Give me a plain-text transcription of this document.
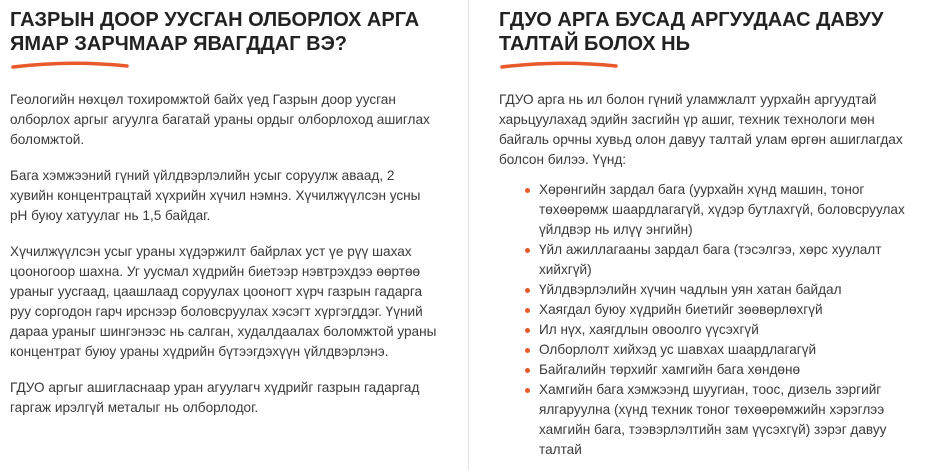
ГАЗРЫН ДООР УУСГАН ОЛБОРЛОХ АРГА ЯМАР ЗАРЧМААР ЯВАГДДАГ ВЭ?

Геологийн нөхцөл тохиромжтой байх үед Газрын доор уусган олборлох аргыг агуулга багатай ураны ордыг олборлоход ашиглах боломжтой.

Бага хэмжээний гүний үйлдвэрлэлийн усыг соруулж аваад, 2 хувийн концентрацтай хүхрийн хүчил нэмнэ. Хүчилжүүлсэн усны pH буюу хатуулаг нь 1,5 байдаг.

Хүчилжүүлсэн усыг ураны хүдэржилт байрлах уст үе рүү шахах цооногоор шахна. Уг уусмал хүдрийн биетээр нэвтрэхдээ өөртөө ураныг уусгаад, цаашлаад соруулах цооногт хүрч газрын гадарга руу соргодон гарч ирснээр боловсруулах хэсэгт хүргэгддэг. Үүний дараа ураныг шингэнээс нь салган, худалдаалах боломжтой ураны концентрат буюу ураны хүдрийн бүтээгдэхүүн үйлдвэрлэнэ.

ГДУО аргыг ашигласнаар уран агуулагч хүдрийг газрын гадаргад гаргаж ирэлгүй металыг нь олборлодог.

ГДУО АРГА БУСАД АРГУУДААС ДАВУУ ТАЛТАЙ БОЛОХ НЬ

ГДУО арга нь ил болон гүний уламжлалт уурхайн аргуудтай харьцуулахад эдийн засгийн үр ашиг, техник технологи мөн байгаль орчны хувьд олон давуу талтай улам өргөн ашиглагдах болсон билээ. Үүнд:

Хөрөнгийн зардал бага (уурхайн хүнд машин, тоног төхөөрөмж шаардлагагүй, хүдэр бутлахгүй, боловсруулах үйлдвэр нь илүү энгийн)
Үйл ажиллагааны зардал бага (тэсэлгээ, хөрс хуулалт хийхгүй)
Үйлдвэрлэлийн хүчин чадлын уян хатан байдал
Хаягдал буюу хүдрийн биетийг зөөвөрлөхгүй
Ил нүх, хаягдлын овоолго үүсэхгүй
Олборлолт хийхэд ус шавхах шаардлагагүй
Байгалийн төрхийг хамгийн бага хөндөнө
Хамгийн бага хэмжээнд шуугиан, тоос, дизель зэргийг ялгаруулна (хүнд техник тоног төхөөрөмжийн хэрэглээ хамгийн бага, тээвэрлэлтийн зам үүсэхгүй) зэрэг давуу талтай
